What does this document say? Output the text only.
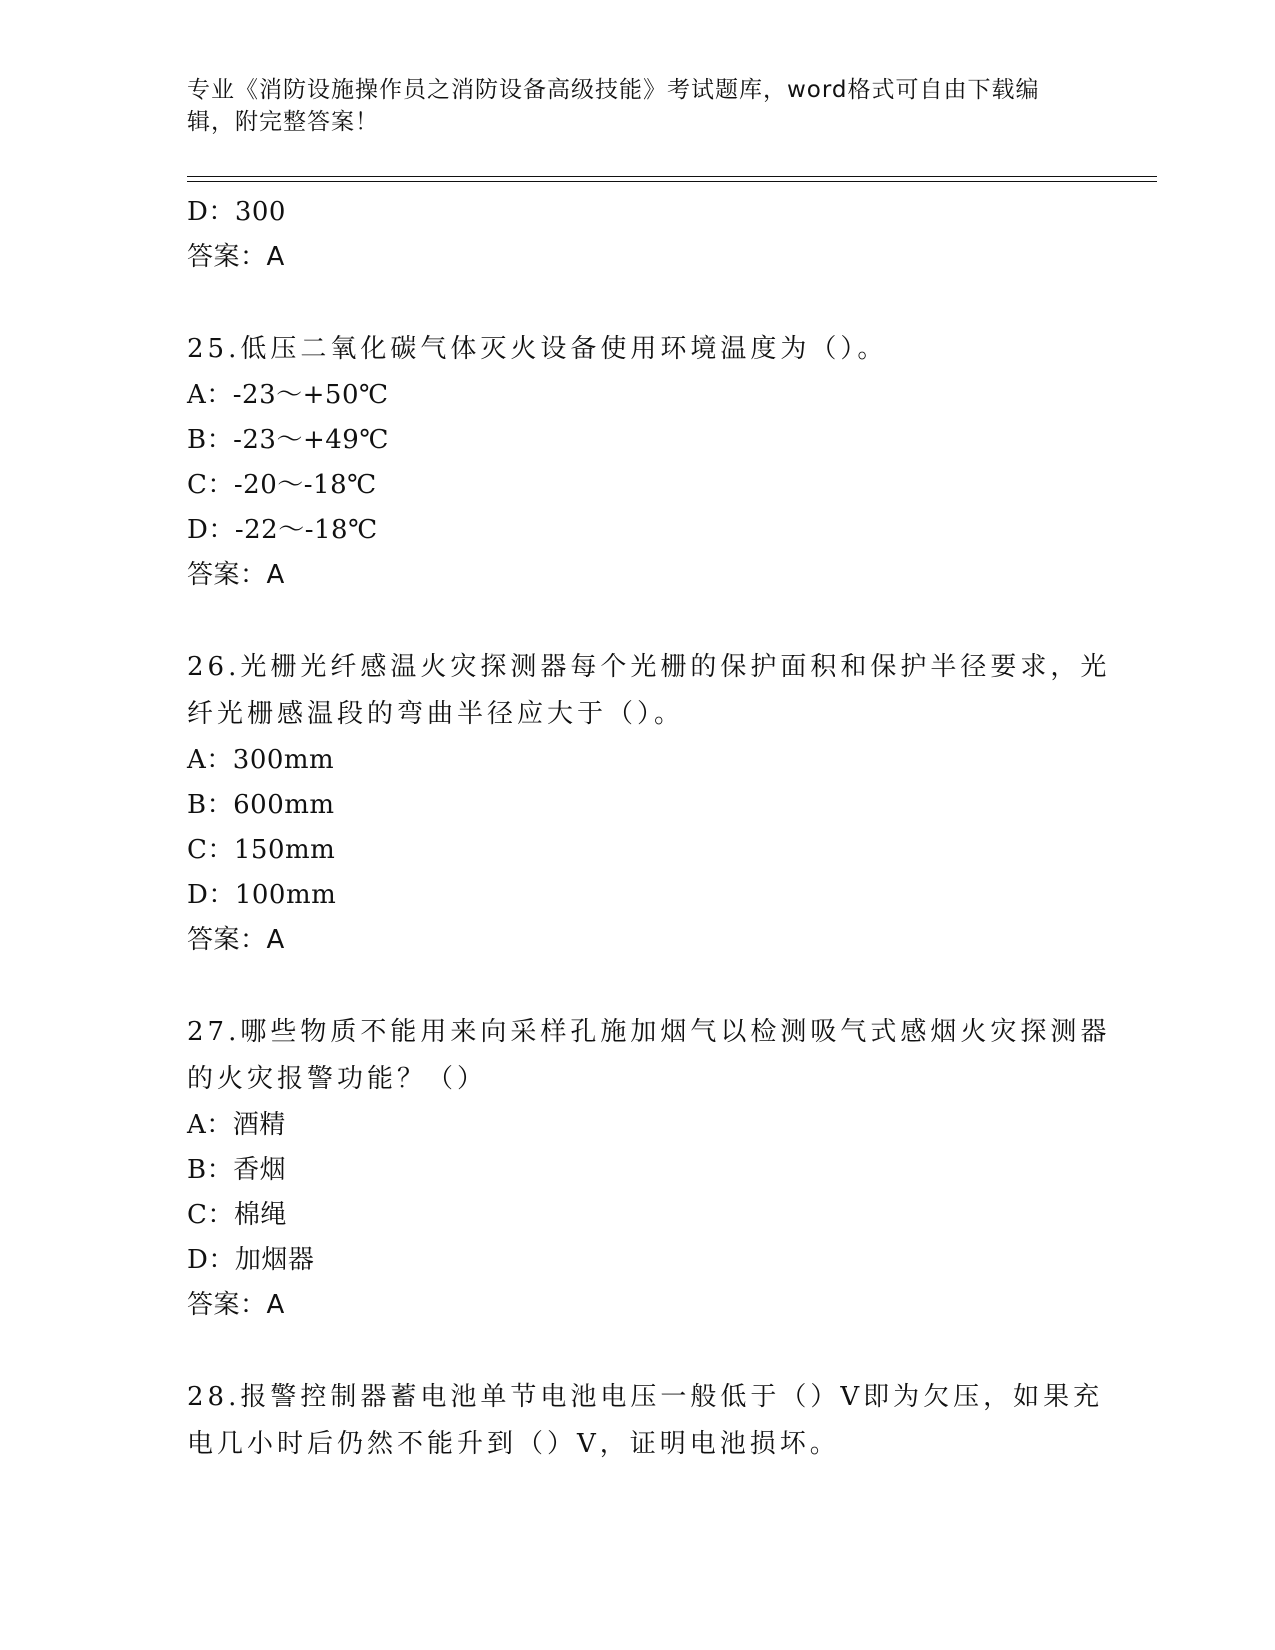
专业《消防设施操作员之消防设备高级技能》考试题库，word格式可自由下载编
辑，附完整答案！
D：300
答案：A
25.低压二氧化碳气体灭火设备使用环境温度为（）。
A：-23～+50℃
B：-23～+49℃
C：-20～-18℃
D：-22～-18℃
答案：A
26.光栅光纤感温火灾探测器每个光栅的保护面积和保护半径要求，光
纤光栅感温段的弯曲半径应大于（）。
A：300mm
B：600mm
C：150mm
D：100mm
答案：A
27.哪些物质不能用来向采样孔施加烟气以检测吸气式感烟火灾探测器
的火灾报警功能？（）
A：酒精
B：香烟
C：棉绳
D：加烟器
答案：A
28.报警控制器蓄电池单节电池电压一般低于（）V即为欠压，如果充
电几小时后仍然不能升到（）V，证明电池损坏。
